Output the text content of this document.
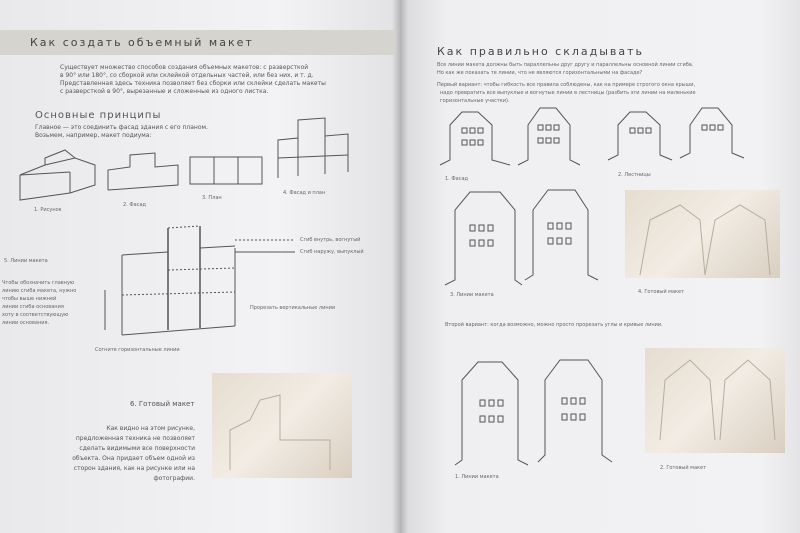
Как создать объемный макет
Существует множество способов создания объемных макетов: с разверсткой
в 90° или 180°, со сборкой или склейкой отдельных частей, или без них, и т. д.
Представленная здесь техника позволяет без сборки или склейки сделать макеты
с разверсткой в 90°, вырезанные и сложенные из одного листка.
Основные принципы
Главное — это соединить фасад здания с его планом.
Возьмем, например, макет подиума:
1. Рисунок
2. Фасад
3. План
4. Фасад и план
5. Линии макета
Сгиб внутрь, вогнутый
Сгиб наружу, выпуклый
Прорезать вертикальные линии
Согните горизонтальные линии
Чтобы обозначить главную
линию сгиба макета, нужно
чтобы выше нижней
линии сгиба основания
хоту в соответствующую
линии основания.
6. Готовый макет
Как видно на этом рисунке,
предложенная техника не позволяет
сделать видимыми все поверхности
объекта. Она придает объем одной из
сторон здания, как на рисунке или на
фотографии.
Как правильно складывать
Все линии макета должны быть параллельны друг другу и параллельны основной линии сгиба.
Но как же показать те линии, что не являются горизонтальными на фасаде?
Первый вариант: чтобы гибкость все правила соблюдены, как на примере строгого окна крыши,
надо превратить все выпуклые и вогнутые линии в лестницы (разбить эти линии на маленькие
горизонтальные участки).
1. Фасад
2. Лестницы
3. Линии макета	4. Готовый макет
Второй вариант: когда возможно, можно просто прорезать углы и кривые линии.
1. Линии макета
2. Готовый макет
